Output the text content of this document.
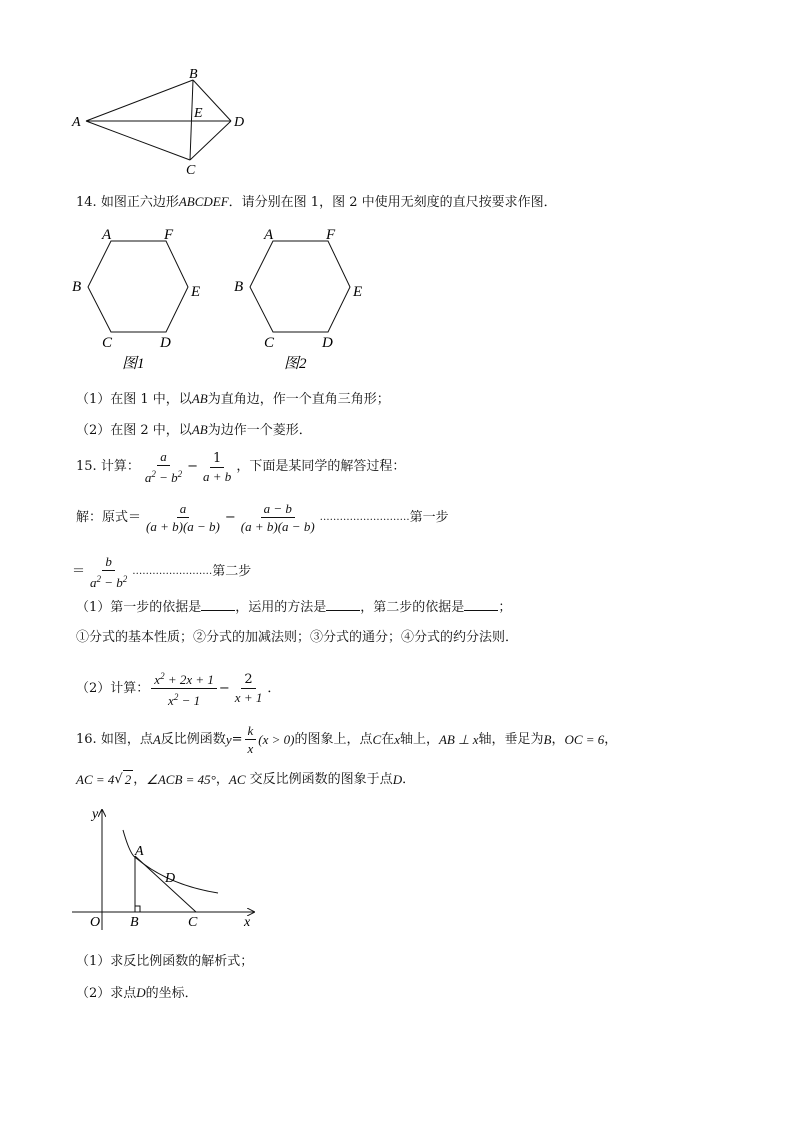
A
B
C
D
E
14. 如图正六边形ABCDEF．请分别在图 1，图 2 中使用无刻度的直尺按要求作图．
A	F
B	E
C	D
图1
A	F
B	E
C	D
图2
（1）在图 1 中，以AB为直角边，作一个直角三角形；
（2）在图 2 中，以AB为边作一个菱形．
15.
计算： $\frac{a}{a^2 - b^2} - \frac{1}{a + b}$ ，下面是某同学的解答过程：
解：原式＝ $\frac{a}{(a + b)(a - b)} - \frac{a - b}{(a + b)(a - b)}$ ……………………… 第一步
＝ $\frac{b}{a^2 - b^2}$ …………………… 第二步
（1）第一步的依据是	，运用的方法是	，第二步的依据是	；
①分式的基本性质；②分式的加减法则；③分式的通分；④分式的约分法则．
（2）计算： $\frac{x^2 + 2x + 1}{x^2 - 1} - \frac{2}{x + 1}$ ．
16.
如图，点 A 反比例函数 $y = \frac{k}{x} (x > 0)$ 的图象上，点 C 在 x 轴上， AB ⊥ x 轴，垂足为 B ， OC = 6 ，
AC = 4 √ 2 ， ∠ACB = 45° ， AC
交反比例函数的图象于点 D ．
y
x
O B	C
A
D
（1）求反比例函数的解析式；
（2）求点D的坐标．
